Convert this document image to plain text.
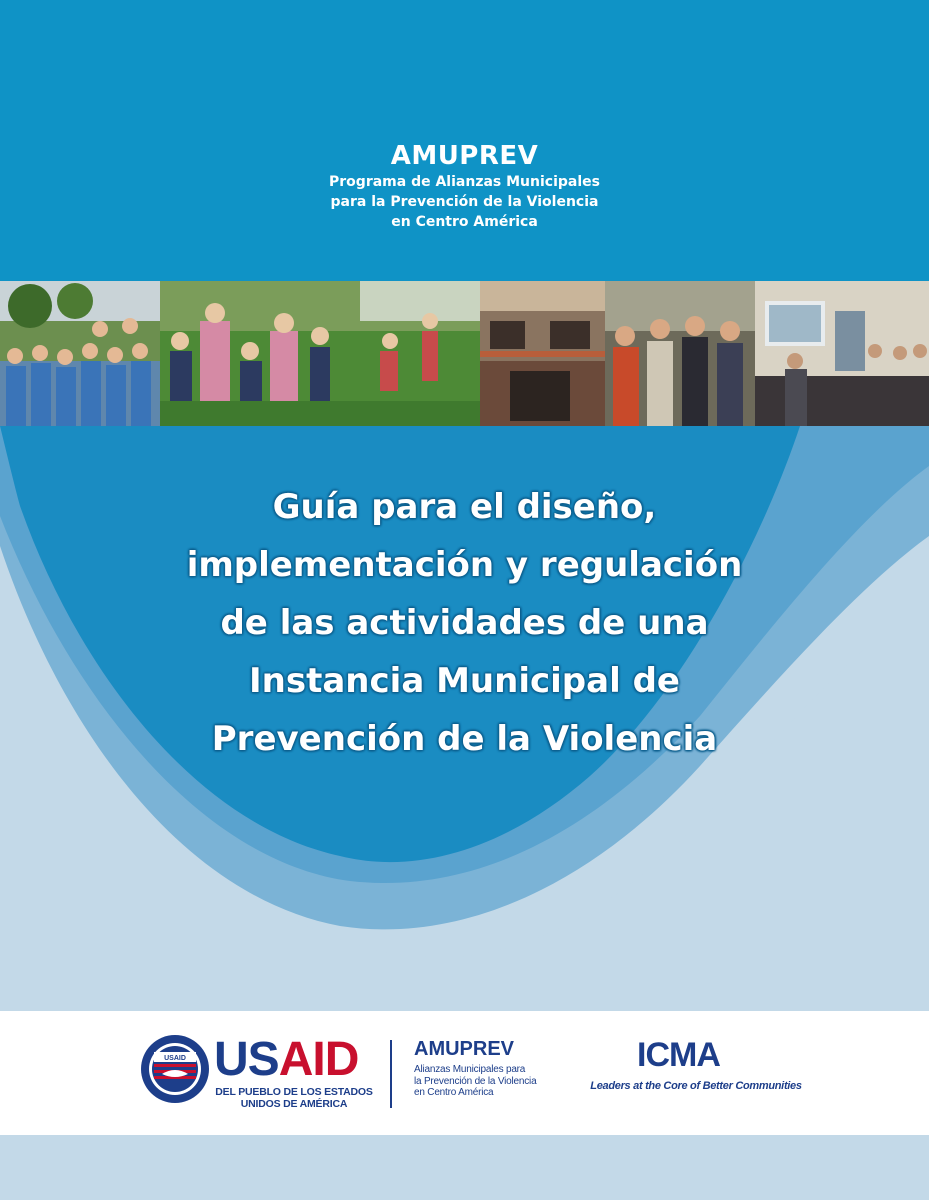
AMUPREV
Programa de Alianzas Municipales
para la Prevención de la Violencia
en Centro América
Guía para el diseño,
implementación y regulación
de las actividades de una
Instancia Municipal de
Prevención de la Violencia
USAID USAID
DEL PUEBLO DE LOS ESTADOS
UNIDOS DE AMÉRICA
AMUPREV
Alianzas Municipales para
la Prevención de la Violencia
en Centro América
ICMA
Leaders at the Core of Better Communities
